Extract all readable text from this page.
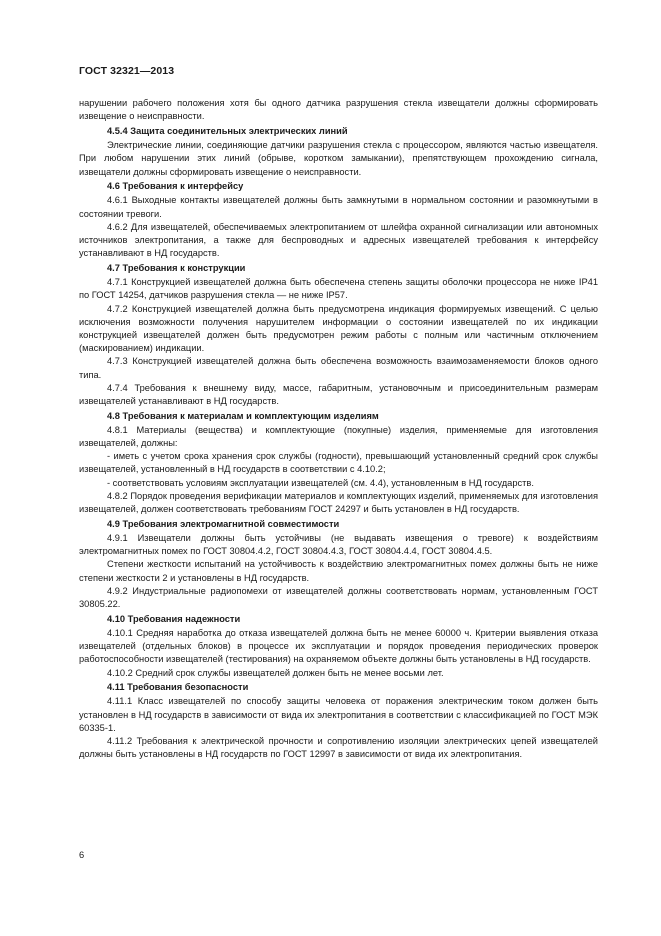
ГОСТ 32321—2013

нарушении рабочего положения хотя бы одного датчика разрушения стекла извещатели должны сформировать извещение о неисправности.

4.5.4 Защита соединительных электрических линий

Электрические линии, соединяющие датчики разрушения стекла с процессором, являются частью извещателя. При любом нарушении этих линий (обрыве, коротком замыкании), препятствующем прохождению сигнала, извещатели должны сформировать извещение о неисправности.

4.6 Требования к интерфейсу

4.6.1 Выходные контакты извещателей должны быть замкнутыми в нормальном состоянии и разомкнутыми в состоянии тревоги.

4.6.2 Для извещателей, обеспечиваемых электропитанием от шлейфа охранной сигнализации или автономных источников электропитания, а также для беспроводных и адресных извещателей требования к интерфейсу устанавливают в НД государств.

4.7 Требования к конструкции

4.7.1 Конструкцией извещателей должна быть обеспечена степень защиты оболочки процессора не ниже IP41 по ГОСТ 14254, датчиков разрушения стекла — не ниже IP57.

4.7.2 Конструкцией извещателей должна быть предусмотрена индикация формируемых извещений. С целью исключения возможности получения нарушителем информации о состоянии извещателей по их индикации конструкцией извещателей должен быть предусмотрен режим работы с полным или частичным отключением (маскированием) индикации.

4.7.3 Конструкцией извещателей должна быть обеспечена возможность взаимозаменяемости блоков одного типа.

4.7.4 Требования к внешнему виду, массе, габаритным, установочным и присоединительным размерам извещателей устанавливают в НД государств.

4.8 Требования к материалам и комплектующим изделиям

4.8.1 Материалы (вещества) и комплектующие (покупные) изделия, применяемые для изготовления извещателей, должны:

- иметь с учетом срока хранения срок службы (годности), превышающий установленный средний срок службы извещателей, установленный в НД государств в соответствии с 4.10.2;

- соответствовать условиям эксплуатации извещателей (см. 4.4), установленным в НД государств.

4.8.2 Порядок проведения верификации материалов и комплектующих изделий, применяемых для изготовления извещателей, должен соответствовать требованиям ГОСТ 24297 и быть установлен в НД государств.

4.9 Требования электромагнитной совместимости

4.9.1 Извещатели должны быть устойчивы (не выдавать извещения о тревоге) к воздействиям электромагнитных помех по ГОСТ 30804.4.2, ГОСТ 30804.4.3, ГОСТ 30804.4.4, ГОСТ 30804.4.5.

Степени жесткости испытаний на устойчивость к воздействию электромагнитных помех должны быть не ниже степени жесткости 2 и установлены в НД государств.

4.9.2 Индустриальные радиопомехи от извещателей должны соответствовать нормам, установленным ГОСТ 30805.22.

4.10 Требования надежности

4.10.1 Средняя наработка до отказа извещателей должна быть не менее 60000 ч. Критерии выявления отказа извещателей (отдельных блоков) в процессе их эксплуатации и порядок проведения периодических проверок работоспособности извещателей (тестирования) на охраняемом объекте должны быть установлены в НД государств.

4.10.2 Средний срок службы извещателей должен быть не менее восьми лет.

4.11 Требования безопасности

4.11.1 Класс извещателей по способу защиты человека от поражения электрическим током должен быть установлен в НД государств в зависимости от вида их электропитания в соответствии с классификацией по ГОСТ МЭК 60335-1.

4.11.2 Требования к электрической прочности и сопротивлению изоляции электрических цепей извещателей должны быть установлены в НД государств по ГОСТ 12997 в зависимости от вида их электропитания.

6
